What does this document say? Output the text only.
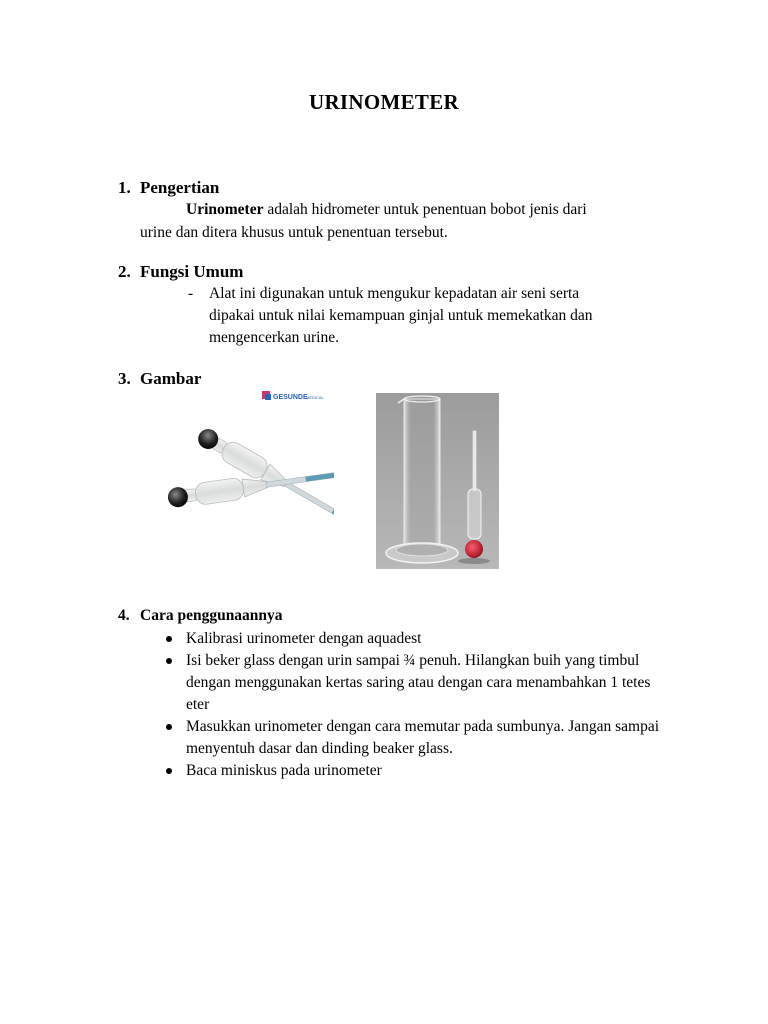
URINOMETER
1. Pengertian
Urinometer adalah hidrometer untuk penentuan bobot jenis dari
urine dan ditera khusus untuk penentuan tersebut.
2. Fungsi Umum
-	Alat ini digunakan untuk mengukur kepadatan air seni serta
dipakai untuk nilai kemampuan ginjal untuk memekatkan dan
mengencerkan urine.
3. Gambar
GESUNDE
MEDICAL
4. Cara penggunaannya
Kalibrasi urinometer dengan aquadest
Isi beker glass dengan urin sampai ¾ penuh. Hilangkan buih yang timbul dengan menggunakan kertas saring atau dengan cara menambahkan 1 tetes eter
Masukkan urinometer dengan cara memutar pada sumbunya. Jangan sampai menyentuh dasar dan dinding beaker glass.
Baca miniskus pada urinometer
